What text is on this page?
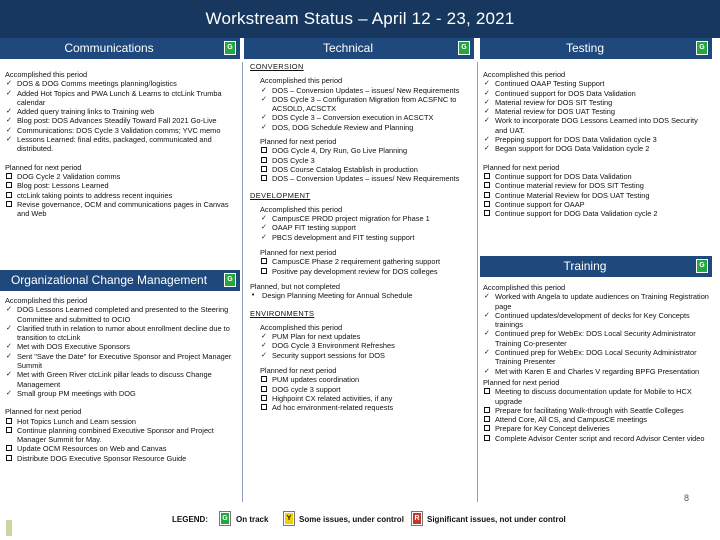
Workstream Status – April 12 - 23, 2021
Communications	G	Technical	G	Testing	G
Organizational Change Management	G
Training	G
Accomplished this period
✓ DOS & DOG Comms meetings planning/logistics
✓ Added Hot Topics and PWA Lunch & Learns to ctcLink Trumba calendar
✓ Added query training links to Training web
✓ Blog post: DOS Advances Steadily Toward Fall 2021 Go-Live
✓ Communications: DOS Cycle 3 Validation comms; YVC memo
✓ Lessons Learned: final edits, packaged, communicated and distributed.
Planned for next period
DOG Cycle 2 Validation comms
Blog post: Lessons Learned
ctcLink taking points to address recent inquiries
Revise governance, OCM and communications pages in Canvas and Web
Accomplished this period
✓ DOG Lessons Learned completed and presented to the Steering Committee and submitted to OCIO
✓ Clarified truth in relation to rumor about enrollment decline due to transition to ctcLink
✓ Met with DOS Executive Sponsors
✓ Sent "Save the Date" for Executive Sponsor and Project Manager Summit
✓ Met with Green River ctcLink pillar leads to discuss Change Management
✓ Small group PM meetings with DOG
Planned for next period
Hot Topics Lunch and Learn session
Continue planning combined Executive Sponsor and Project Manager Summit for May.
Update OCM Resources on Web and Canvas
Distribute DOG Executive Sponsor Resource Guide
CONVERSION
Accomplished this period
✓ DOS – Conversion Updates – issues/ New Requirements
✓ DOS Cycle 3 – Configuration Migration from ACSFNC to ACSOLD, ACSCTX
✓ DOS Cycle 3 – Conversion execution in ACSCTX
✓ DOS, DOG Schedule Review and Planning
Planned for next period
DOG Cycle 4, Dry Run, Go Live Planning
DOS Cycle 3
DOS Course Catalog Establish in production
DOS – Conversion Updates – issues/ New Requirements
DEVELOPMENT
Accomplished this period
✓ CampusCE PROD project migration for Phase 1
✓ OAAP FIT testing support
✓ PBCS development and FIT testing support
Planned for next period
CampusCE Phase 2 requirement gathering support
Positive pay development review for DOS colleges
Planned, but not completed
• Design Planning Meeting for Annual Schedule
ENVIRONMENTS
Accomplished this period
✓ PUM Plan for next updates
✓ DOG Cycle 3 Environment Refreshes
✓ Security support sessions for DOS
Planned for next period
PUM updates coordination
DOG cycle 3 support
Highpoint CX related activities, if any
Ad hoc environment-related requests
Accomplished this period
✓ Continued OAAP Testing Support
✓ Continued support for DOS Data Validation
✓ Material review for DOS SIT Testing
✓ Material review for DOS UAT Testing
✓ Work to incorporate DOG Lessons Learned into DOS Security and UAT.
✓ Prepping support for DOS Data Validation cycle 3
✓ Began support for DOG Data Validation cycle 2
Planned for next period
Continue support for DOS Data Validation
Continue material review for DOS SIT Testing
Continue Material Review for DOS UAT Testing
Continue support for OAAP
Continue support for DOG Data Validation cycle 2
Accomplished this period
✓ Worked with Angela to update audiences on Training Registration page
✓ Continued updates/development of decks for Key Concepts trainings
✓ Continued prep for WebEx: DOS Local Security Administrator Training Co-presenter
✓ Continued prep for WebEx: DOG Local Security Administrator Training Presenter
✓ Met with Karen E and Charles V regarding BPFG Presentation
Planned for next period
Meeting to discuss documentation update for Mobile to HCX upgrade
Prepare for facilitating Walk-through with Seattle Colleges
Attend Core, All CS, and CampusCE meetings
Prepare for Key Concept deliveries
Complete Advisor Center script and record Advisor Center video
LEGEND:	G On track	Y Some issues, under control	R Significant issues, not under control
8
